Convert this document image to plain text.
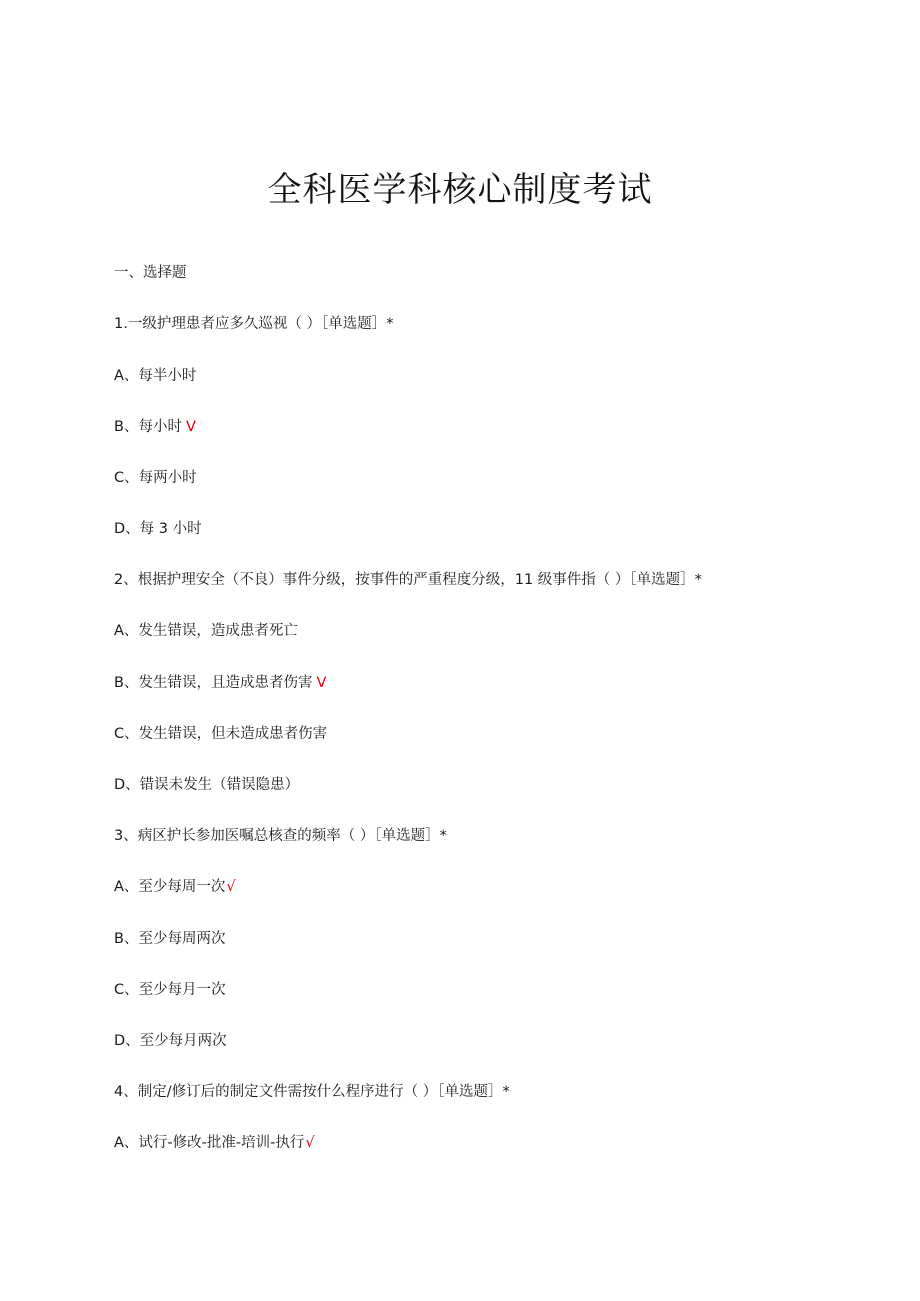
全科医学科核心制度考试
一、选择题
1.一级护理患者应多久巡视（ ）［单选题］*
A、每半小时
B、每小时 V
C、每两小时
D、每 3 小时
2、根据护理安全（不良）事件分级，按事件的严重程度分级，11 级事件指（ ）［单选题］*
A、发生错误，造成患者死亡
B、发生错误，且造成患者伤害 V
C、发生错误，但未造成患者伤害
D、错误未发生（错误隐患）
3、病区护长参加医嘱总核查的频率（ ）［单选题］*
A、至少每周一次√
B、至少每周两次
C、至少每月一次
D、至少每月两次
4、制定/修订后的制定文件需按什么程序进行（ ）［单选题］*
A、试行-修改-批准-培训-执行√
